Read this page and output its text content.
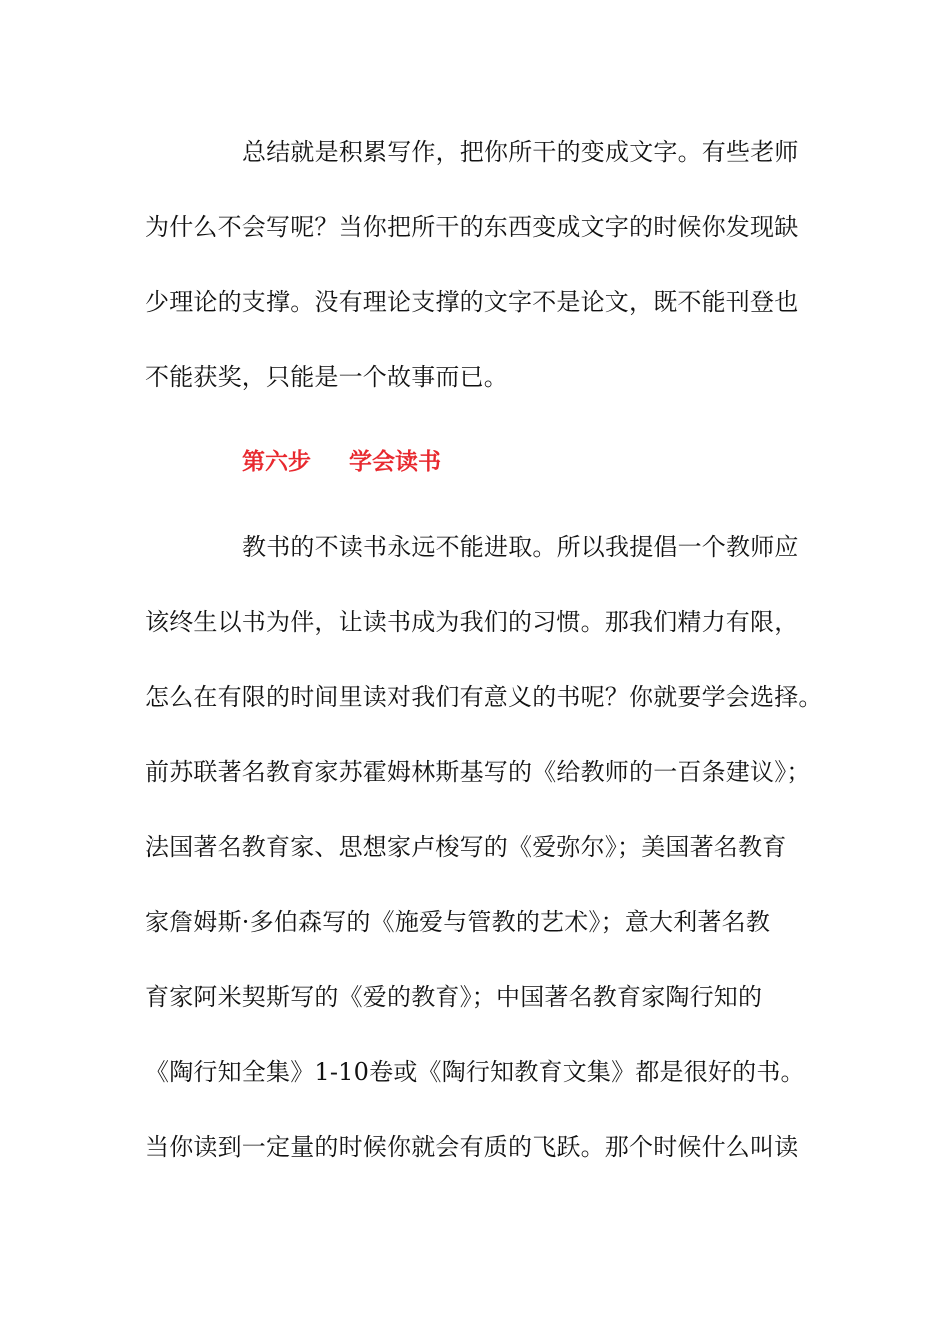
总结就是积累写作，把你所干的变成文字。有些老师
为什么不会写呢？当你把所干的东西变成文字的时候你发现缺
少理论的支撑。没有理论支撑的文字不是论文，既不能刊登也
不能获奖，只能是一个故事而已。
第六步 学会读书
教书的不读书永远不能进取。所以我提倡一个教师应
该终生以书为伴，让读书成为我们的习惯。那我们精力有限，
怎么在有限的时间里读对我们有意义的书呢？你就要学会选择。
前苏联著名教育家苏霍姆林斯基写的《给教师的一百条建议》；
法国著名教育家、思想家卢梭写的《爱弥尔》；美国著名教育
家詹姆斯·多伯森写的《施爱与管教的艺术》；意大利著名教
育家阿米契斯写的《爱的教育》；中国著名教育家陶行知的
《陶行知全集》1-10卷或《陶行知教育文集》都是很好的书。
当你读到一定量的时候你就会有质的飞跃。那个时候什么叫读
